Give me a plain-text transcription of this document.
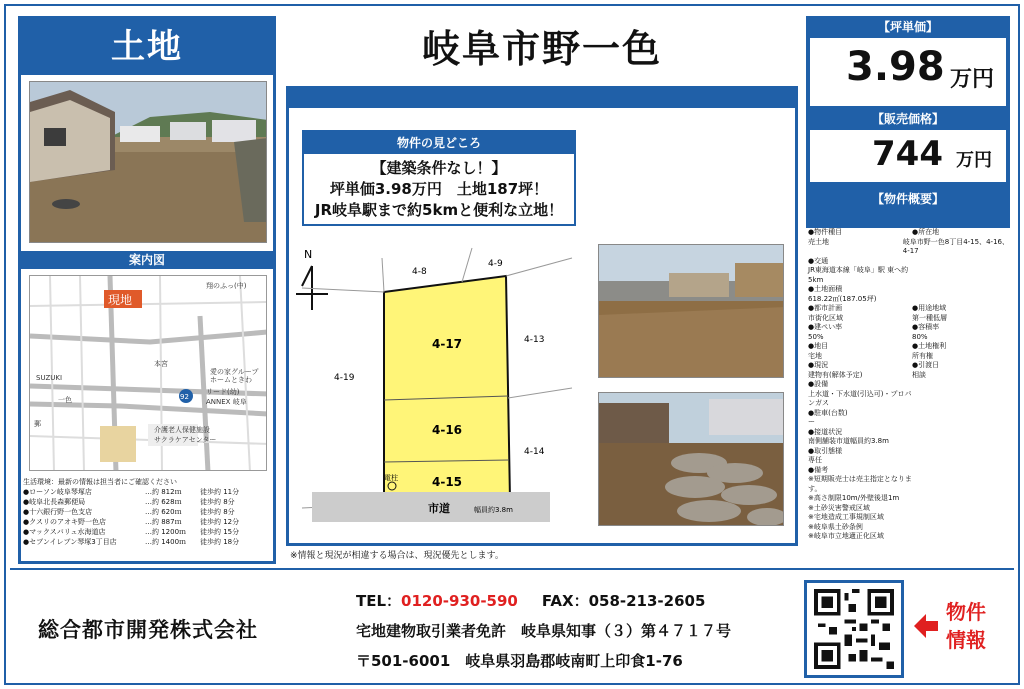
土地
案内図
現地
翔のふっ(中)
本宮
92
リード(幼)
ANNEX 岐阜
介護老人保健施設
サクラケアセンター
愛の家グループ
ホームときわ
SUZUKI
一色
郵
生活環境：最新の情報は担当者にご確認ください
●ローソン岐阜琴塚店	…約 812ｍ	徒歩約 11分
●岐阜北長森郵便局	…約 628ｍ	徒歩約 8分
●十六銀行野一色支店	…約 620ｍ	徒歩約 8分
●クスリのアオキ野一色店	…約 887ｍ	徒歩約 12分
●マックスバリュ水海道店	…約 1200ｍ	徒歩約 15分
●セブンイレブン琴塚3丁目店	…約 1400ｍ	徒歩約 18分
岐阜市野一色
物件の見どころ
【建築条件なし！】
坪単価3.98万円　土地187坪！
JR岐阜駅まで約5kmと便利な立地！
N
4-17
4-16
4-15
4-8
4-9
4-13
4-19
4-14
電柱
市道	幅員約3.8m
※情報と現況が相違する場合は、現況優先とします。
【坪単価】
3.98 万円
【販売価格】
744 万円
【物件概要】
●物件種目	●所在地
売土地	岐阜市野一色8丁目4-15、4-16、4-17
●交通
JR東海道本線「岐阜」駅 東へ約5km
●土地面積
618.22㎡(187.05坪)
●都市計画	●用途地域
市街化区域	第一種低層
●建ぺい率	●容積率
50%	80%
●地目	●土地権利
宅地	所有権
●現況	●引渡日
建物有(解体予定)	相談
●設備
上水道・下水道(引込可)・プロパンガス
●駐車(台数)
ー
●接道状況
南側舗装市道幅員約3.8m
●取引態様
専任
●備考
※短期販売士は売主指定となります。
※高さ制限10m/外壁後退1m
※土砂災害警戒区域
※宅地造成工事規制区域
※岐阜県土砂条例
※岐阜市立地適正化区域
総合都市開発株式会社
TEL：0120-930-590 FAX：058-213-2605
宅地建物取引業者免許　岐阜県知事（３）第４７１７号
〒501-6001　岐阜県羽島郡岐南町上印食1-76
物件
情報
